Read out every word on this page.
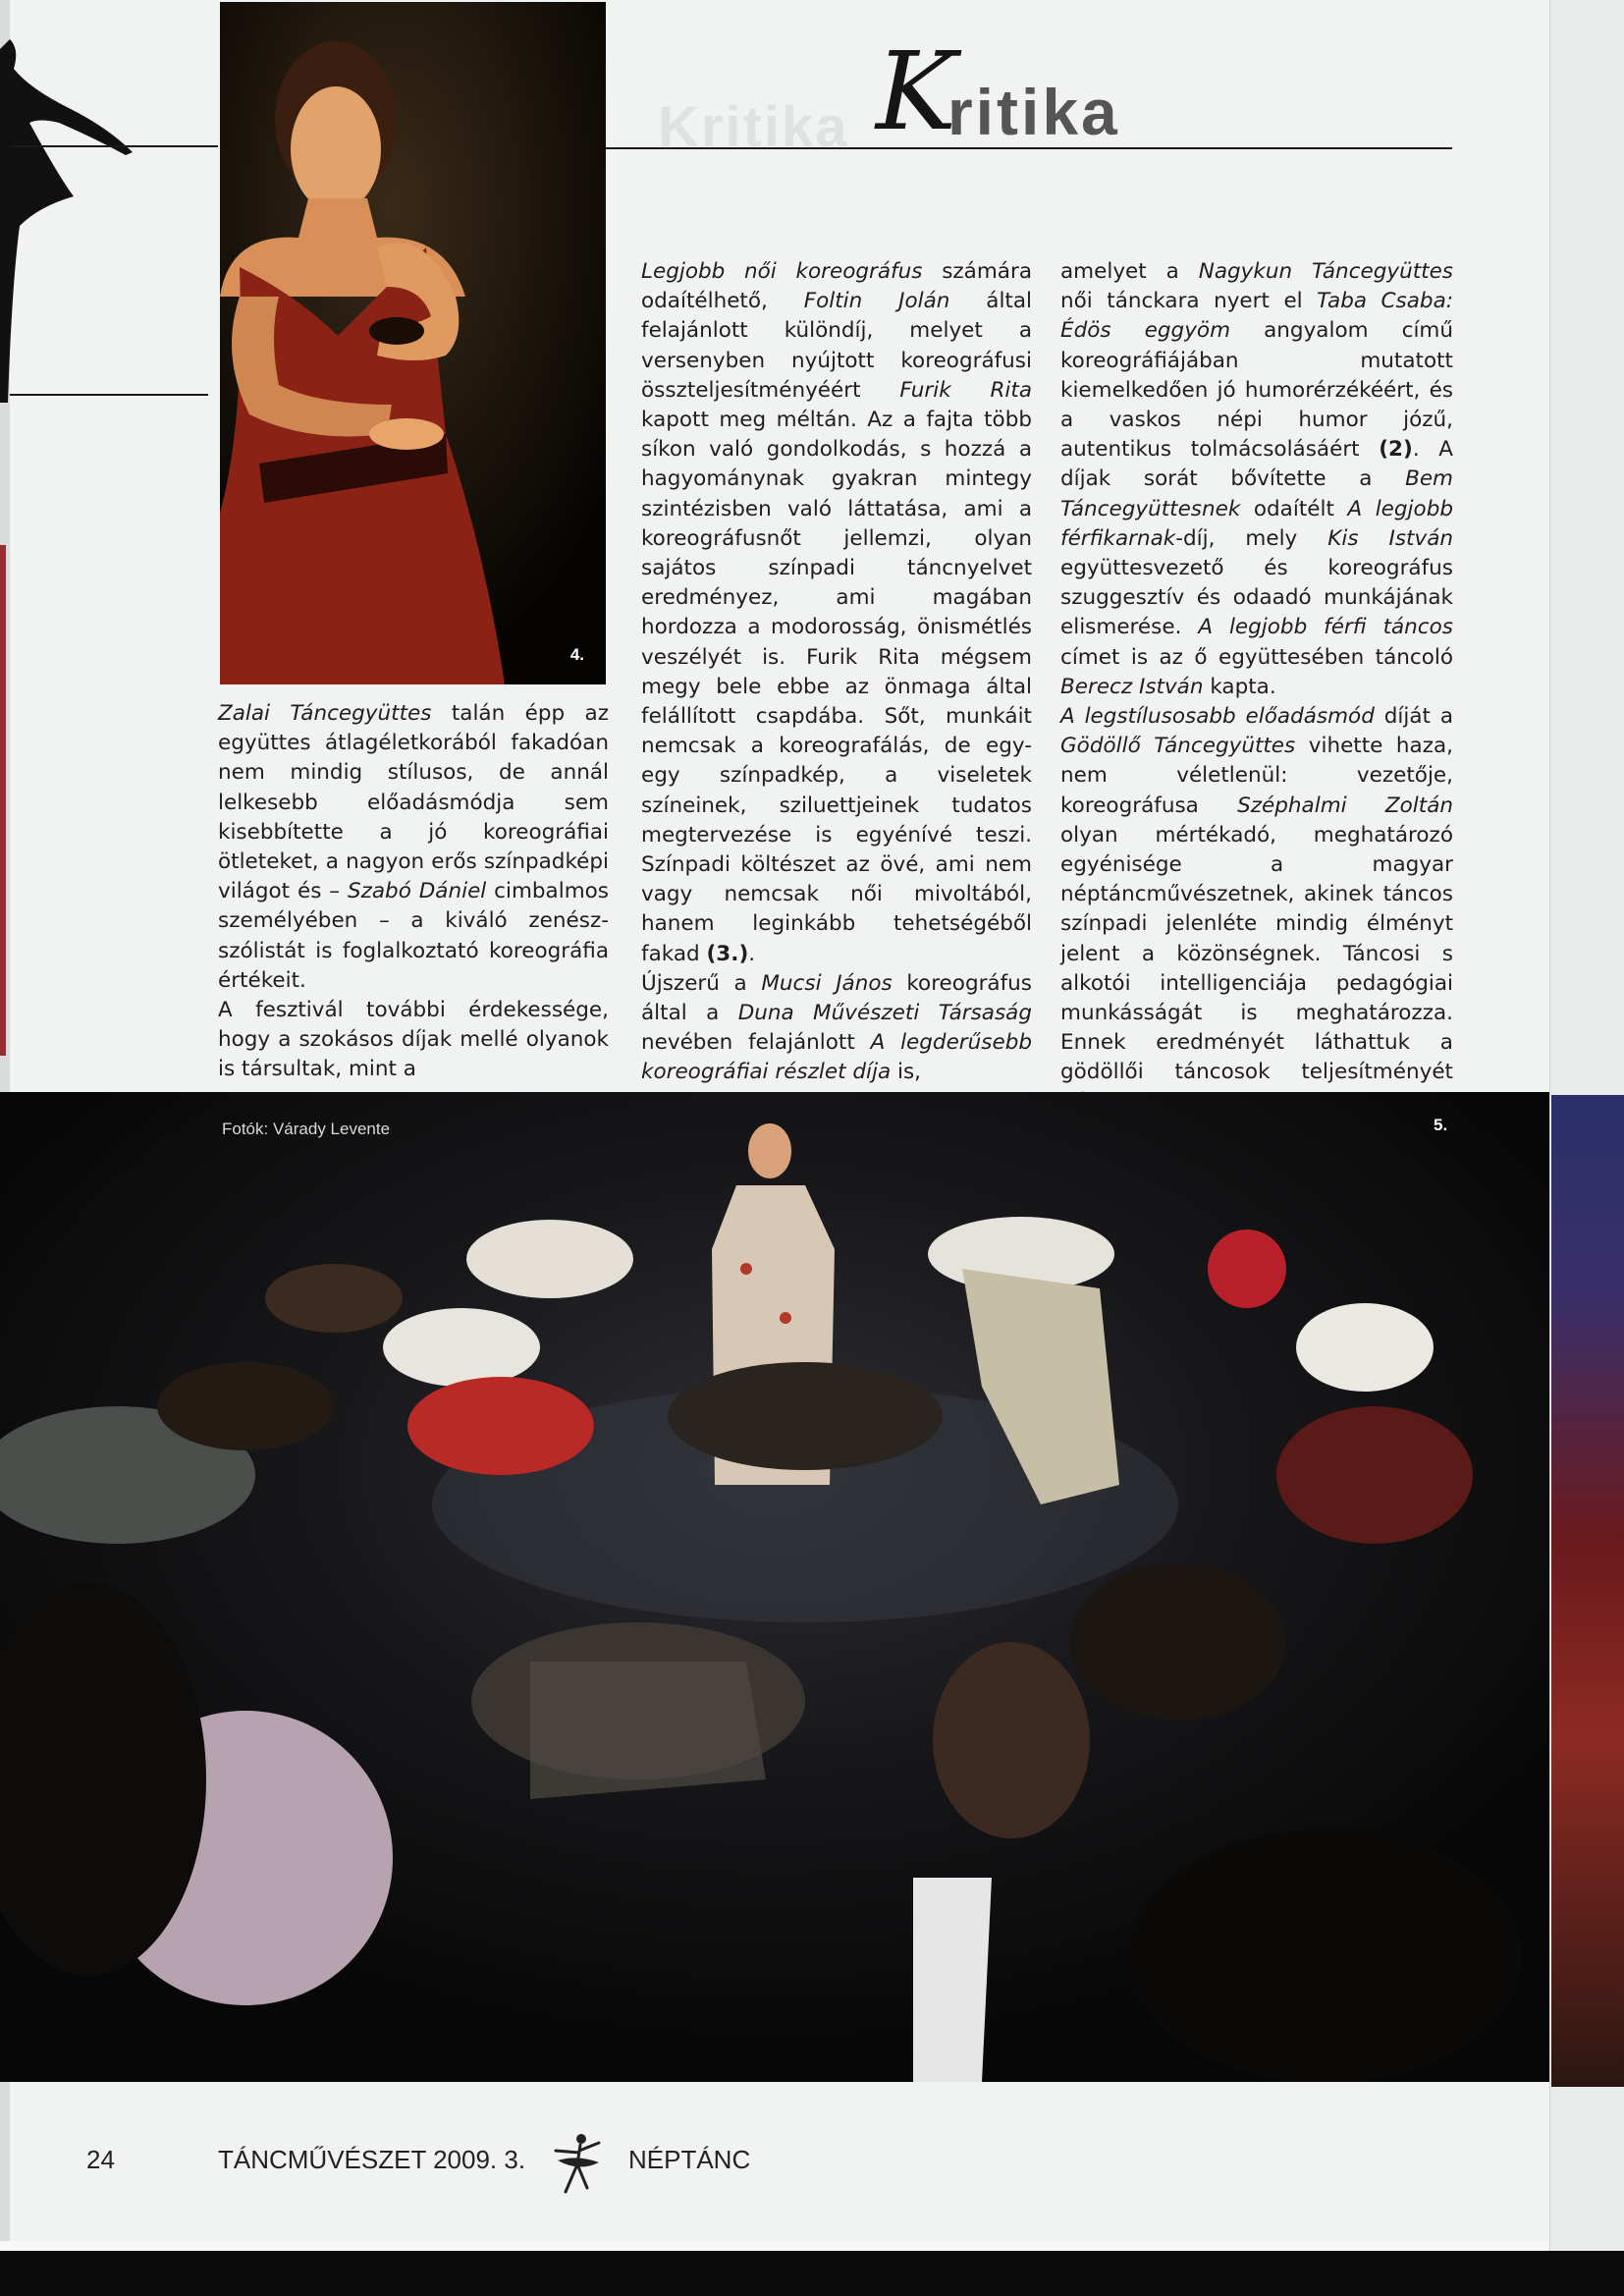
Kritika K
ritika
4.

Zalai Táncegyüttes talán épp az együttes átlagéletkorából fakadóan nem mindig stílusos, de annál lelkesebb előadásmódja sem kisebbítette a jó koreográfiai ötleteket, a nagyon erős színpadképi világot és – Szabó Dániel cimbalmos személyében – a kiváló zenész-szólistát is foglalkoztató koreográfia értékeit.

A fesztivál további érdekessége, hogy a szokásos díjak mellé olyanok is társultak, mint a

Legjobb női koreográfus számára odaítélhető, Foltin Jolán által felajánlott különdíj, melyet a versenyben nyújtott koreográfusi összteljesítményéért Furik Rita kapott meg méltán. Az a fajta több síkon való gondolkodás, s hozzá a hagyománynak gyakran mintegy szintézisben való láttatása, ami a koreográfusnőt jellemzi, olyan sajátos színpadi táncnyelvet eredményez, ami magában hordozza a modorosság, önismétlés veszélyét is. Furik Rita mégsem megy bele ebbe az önmaga által felállított csapdába. Sőt, munkáit nemcsak a koreografálás, de egy-egy színpadkép, a viseletek színeinek, sziluettjeinek tudatos megtervezése is egyénívé teszi. Színpadi költészet az övé, ami nem vagy nemcsak női mivoltából, hanem leginkább tehetségéből fakad (3.).

Újszerű a Mucsi János koreográfus által a Duna Művészeti Társaság nevében felajánlott A legderűsebb koreográfiai részlet díja is,

amelyet a Nagykun Táncegyüttes női tánckara nyert el Taba Csaba: Édös eggyöm angyalom című koreográfiájában mutatott kiemelkedően jó humorérzékéért, és a vaskos népi humor józű, autentikus tolmácsolásáért (2). A díjak sorát bővítette a Bem Táncegyüttesnek odaítélt A legjobb férfikarnak-díj, mely Kis István együttesvezető és koreográfus szuggesztív és odaadó munkájának elismerése. A legjobb férfi táncos címet is az ő együttesében táncoló Berecz István kapta.

A legstílusosabb előadásmód díját a Gödöllő Táncegyüttes vihette haza, nem véletlenül: vezetője, koreográfusa Széphalmi Zoltán olyan mértékadó, meghatározó egyénisége a magyar néptáncművészetnek, akinek táncos színpadi jelenléte mindig élményt jelent a közönségnek. Táncosi s alkotói intelligenciája pedagógiai munkásságát is meghatározza. Ennek eredményét láthattuk a gödöllői táncosok teljesítményét

Fotók: Várady Levente	5.
24	TÁNCMŰVÉSZET 2009. 3.	NÉPTÁNC
